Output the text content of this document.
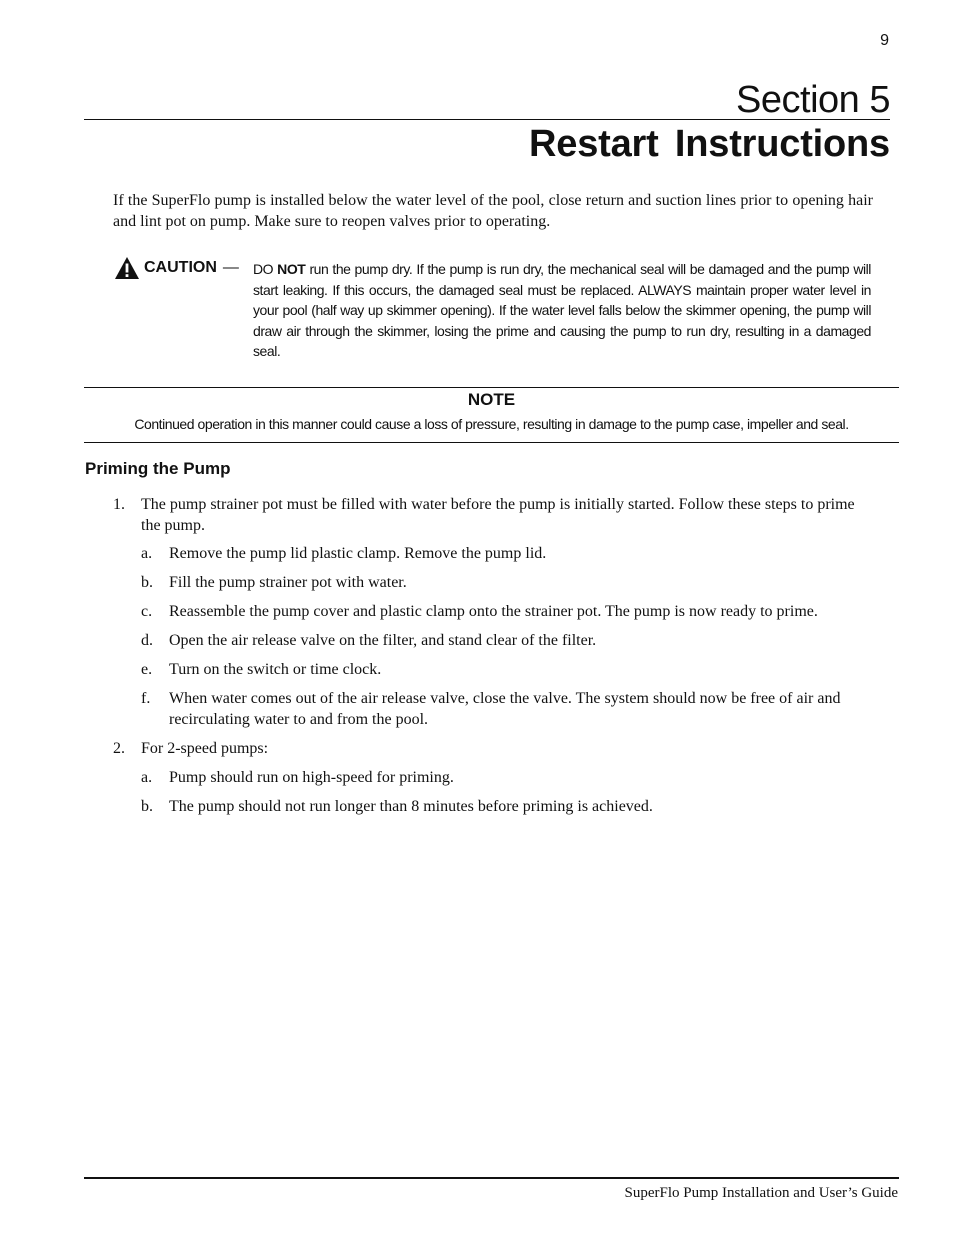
9
Section 5
Restart Instructions

If the SuperFlo pump is installed below the water level of the pool, close return and suction lines prior to opening hair and lint pot on pump. Make sure to reopen valves prior to operating.

CAUTION — DO NOT run the pump dry. If the pump is run dry, the mechanical seal will be damaged and the pump will start leaking. If this occurs, the damaged seal must be replaced. ALWAYS maintain proper water level in your pool (half way up skimmer opening). If the water level falls below the skimmer opening, the pump will draw air through the skimmer, losing the prime and causing the pump to run dry, resulting in a damaged seal.
NOTE
Continued operation in this manner could cause a loss of pressure, resulting in damage to the pump case, impeller and seal.
Priming the Pump
1. The pump strainer pot must be filled with water before the pump is initially started. Follow these steps to prime the pump.
a. Remove the pump lid plastic clamp. Remove the pump lid.
b. Fill the pump strainer pot with water.
c. Reassemble the pump cover and plastic clamp onto the strainer pot. The pump is now ready to prime.
d. Open the air release valve on the filter, and stand clear of the filter.
e. Turn on the switch or time clock.
f. When water comes out of the air release valve, close the valve. The system should now be free of air and recirculating water to and from the pool.
2. For 2-speed pumps:
a. Pump should run on high-speed for priming.
b. The pump should not run longer than 8 minutes before priming is achieved.
SuperFlo Pump Installation and User’s Guide
